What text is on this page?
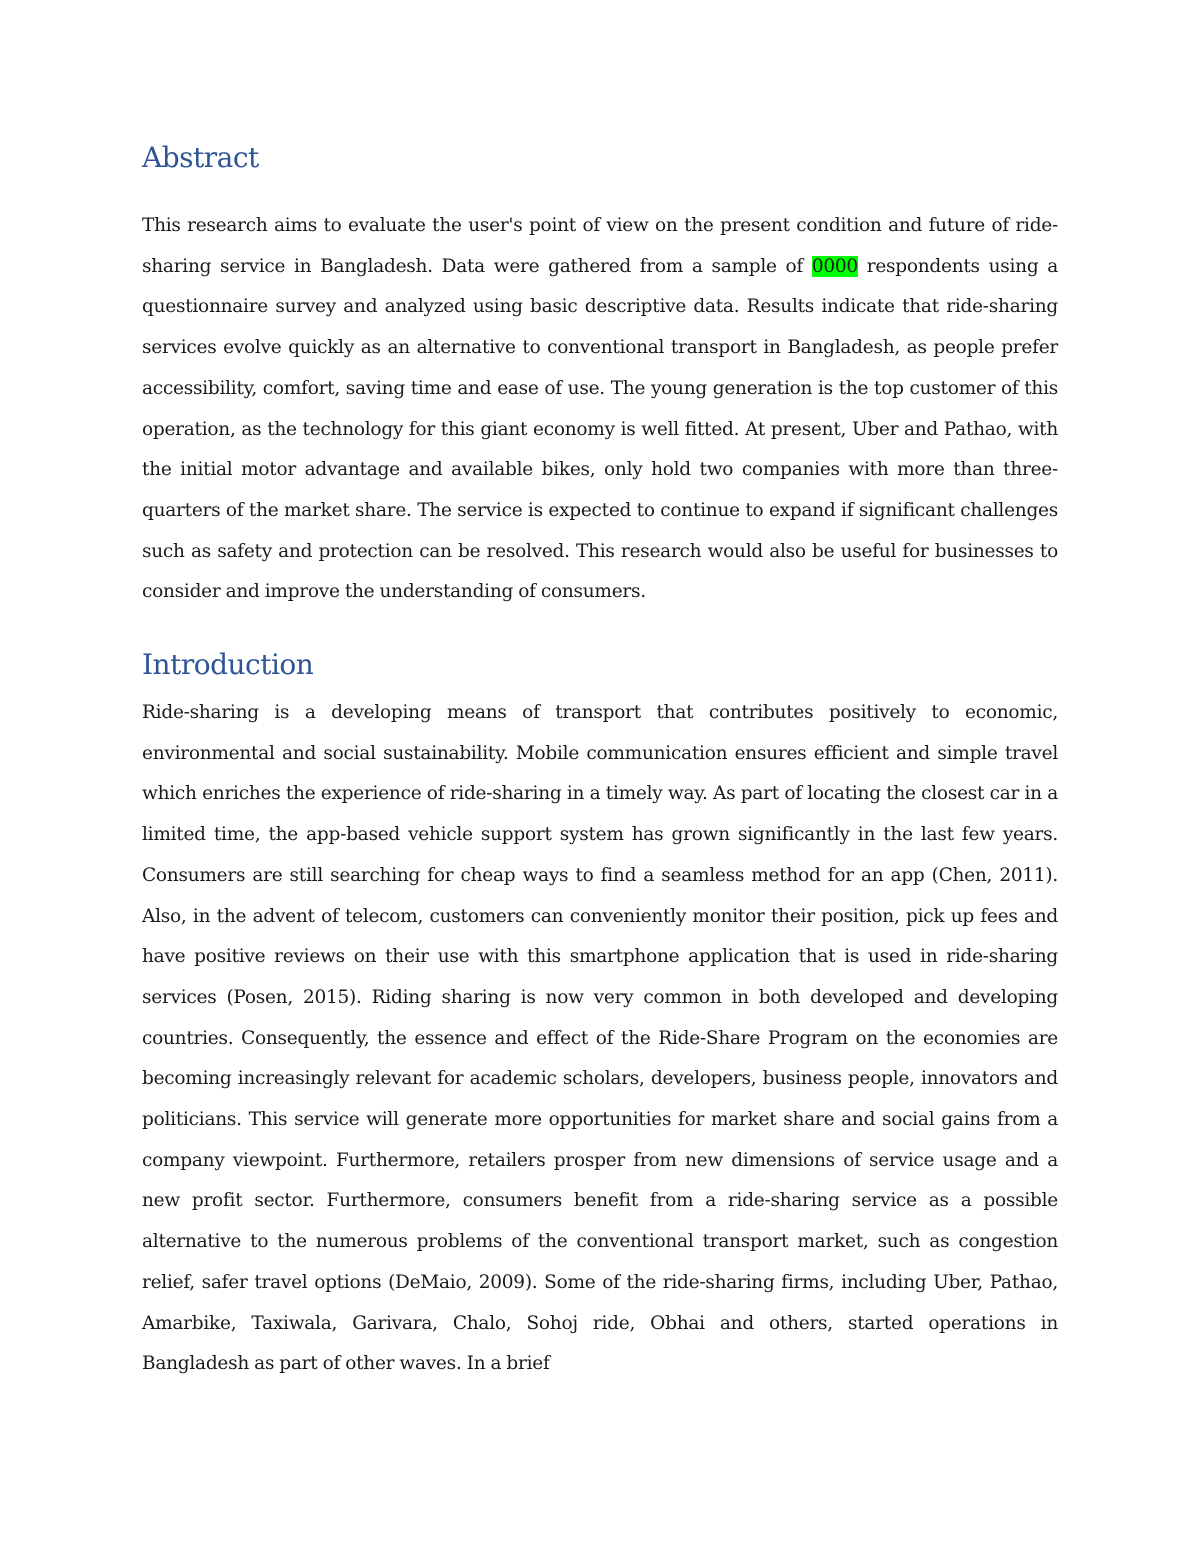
Abstract

This research aims to evaluate the user's point of view on the present condition and future of ride-sharing service in Bangladesh. Data were gathered from a sample of 0000 respondents using a questionnaire survey and analyzed using basic descriptive data. Results indicate that ride-sharing services evolve quickly as an alternative to conventional transport in Bangladesh, as people prefer accessibility, comfort, saving time and ease of use. The young generation is the top customer of this operation, as the technology for this giant economy is well fitted. At present, Uber and Pathao, with the initial motor advantage and available bikes, only hold two companies with more than three-quarters of the market share. The service is expected to continue to expand if significant challenges such as safety and protection can be resolved. This research would also be useful for businesses to consider and improve the understanding of consumers.

Introduction

Ride-sharing is a developing means of transport that contributes positively to economic, environmental and social sustainability. Mobile communication ensures efficient and simple travel which enriches the experience of ride-sharing in a timely way. As part of locating the closest car in a limited time, the app-based vehicle support system has grown significantly in the last few years. Consumers are still searching for cheap ways to find a seamless method for an app (Chen, 2011). Also, in the advent of telecom, customers can conveniently monitor their position, pick up fees and have positive reviews on their use with this smartphone application that is used in ride-sharing services (Posen, 2015). Riding sharing is now very common in both developed and developing countries. Consequently, the essence and effect of the Ride-Share Program on the economies are becoming increasingly relevant for academic scholars, developers, business people, innovators and politicians. This service will generate more opportunities for market share and social gains from a company viewpoint. Furthermore, retailers prosper from new dimensions of service usage and a new profit sector. Furthermore, consumers benefit from a ride-sharing service as a possible alternative to the numerous problems of the conventional transport market, such as congestion relief, safer travel options (DeMaio, 2009). Some of the ride-sharing firms, including Uber, Pathao, Amarbike, Taxiwala, Garivara, Chalo, Sohoj ride, Obhai and others, started operations in Bangladesh as part of other waves. In a brief
